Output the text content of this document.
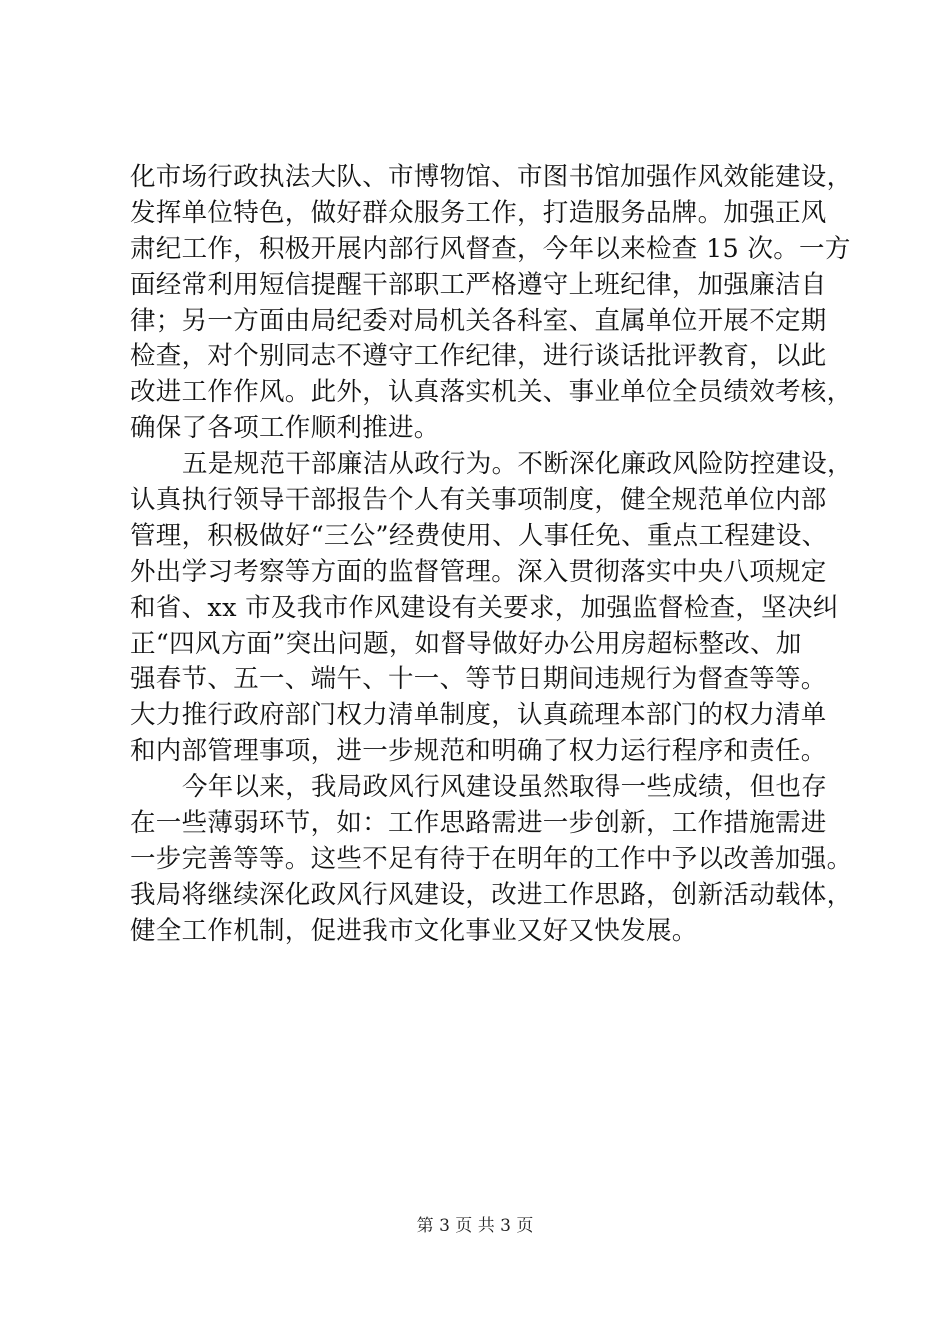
化市场行政执法大队、市博物馆、市图书馆加强作风效能建设，
发挥单位特色，做好群众服务工作，打造服务品牌。加强正风
肃纪工作，积极开展内部行风督查，今年以来检查 15 次。一方
面经常利用短信提醒干部职工严格遵守上班纪律，加强廉洁自
律；另一方面由局纪委对局机关各科室、直属单位开展不定期
检查，对个别同志不遵守工作纪律，进行谈话批评教育，以此
改进工作作风。此外，认真落实机关、事业单位全员绩效考核，
确保了各项工作顺利推进。

五是规范干部廉洁从政行为。不断深化廉政风险防控建设，
认真执行领导干部报告个人有关事项制度，健全规范单位内部
管理，积极做好“三公”经费使用、人事任免、重点工程建设、
外出学习考察等方面的监督管理。深入贯彻落实中央八项规定
和省、xx 市及我市作风建设有关要求，加强监督检查，坚决纠
正“四风方面”突出问题，如督导做好办公用房超标整改、加
强春节、五一、端午、十一、等节日期间违规行为督查等等。
大力推行政府部门权力清单制度，认真疏理本部门的权力清单
和内部管理事项，进一步规范和明确了权力运行程序和责任。

今年以来，我局政风行风建设虽然取得一些成绩，但也存
在一些薄弱环节，如：工作思路需进一步创新，工作措施需进
一步完善等等。这些不足有待于在明年的工作中予以改善加强。
我局将继续深化政风行风建设，改进工作思路，创新活动载体，
健全工作机制，促进我市文化事业又好又快发展。

第 3 页 共 3 页
